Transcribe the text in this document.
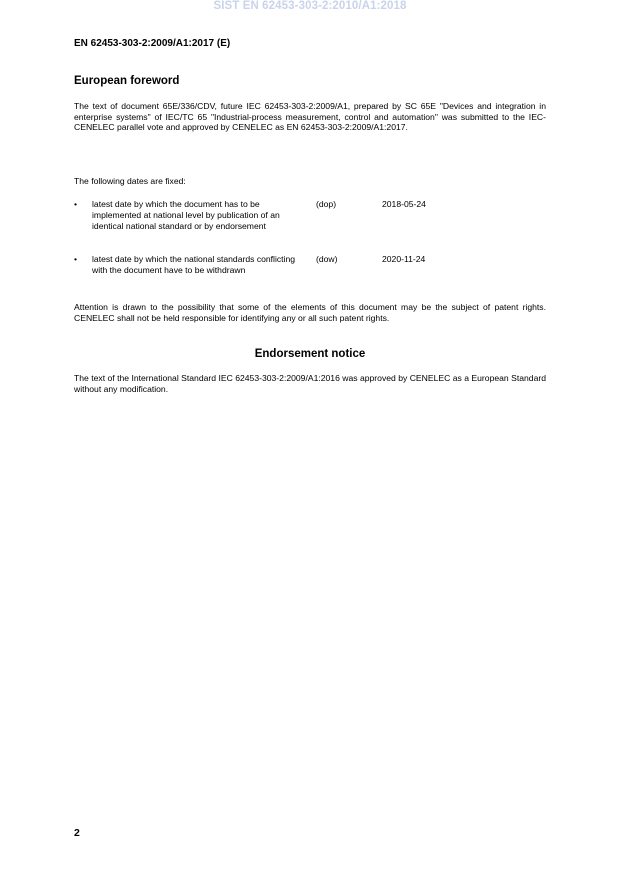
SIST EN 62453-303-2:2010/A1:2018
EN 62453-303-2:2009/A1:2017 (E)
European foreword
The text of document 65E/336/CDV, future IEC 62453-303-2:2009/A1, prepared by SC 65E "Devices and integration in enterprise systems" of IEC/TC 65 "Industrial-process measurement, control and automation" was submitted to the IEC-CENELEC parallel vote and approved by CENELEC as EN 62453-303-2:2009/A1:2017.
The following dates are fixed:
• latest date by which the document has to be implemented at national level by publication of an identical national standard or by endorsement
(dop)	2018-05-24
• latest date by which the national standards conflicting with the document have to be withdrawn
(dow)	2020-11-24
Attention is drawn to the possibility that some of the elements of this document may be the subject of patent rights. CENELEC shall not be held responsible for identifying any or all such patent rights.
Endorsement notice
The text of the International Standard IEC 62453-303-2:2009/A1:2016 was approved by CENELEC as a European Standard without any modification.
2
